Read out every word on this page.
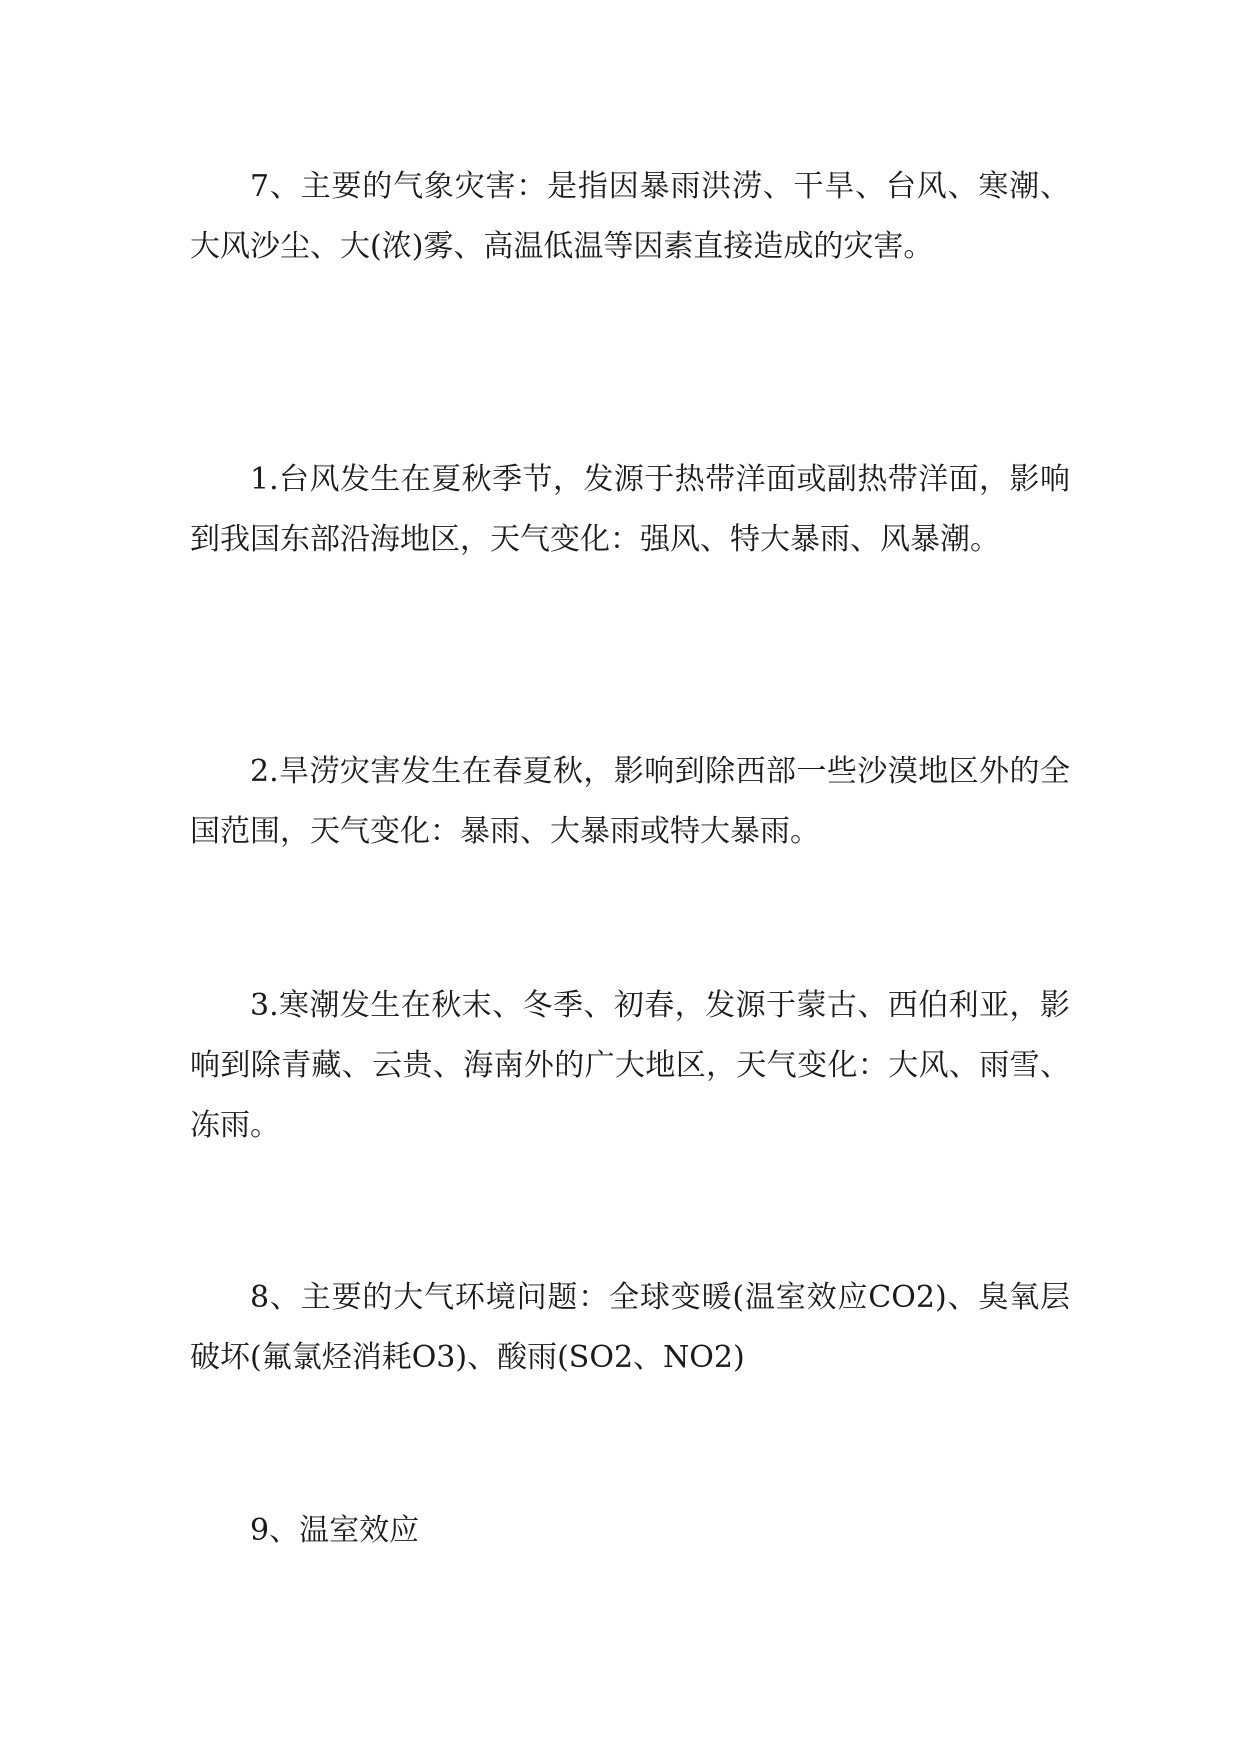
7、主要的气象灾害：是指因暴雨洪涝、干旱、台风、寒潮、大风沙尘、大(浓)雾、高温低温等因素直接造成的灾害。

1.台风发生在夏秋季节，发源于热带洋面或副热带洋面，影响到我国东部沿海地区，天气变化：强风、特大暴雨、风暴潮。

2.旱涝灾害发生在春夏秋，影响到除西部一些沙漠地区外的全国范围，天气变化：暴雨、大暴雨或特大暴雨。

3.寒潮发生在秋末、冬季、初春，发源于蒙古、西伯利亚，影响到除青藏、云贵、海南外的广大地区，天气变化：大风、雨雪、冻雨。

8、主要的大气环境问题：全球变暖(温室效应CO2)、臭氧层破坏(氟氯烃消耗O3)、酸雨(SO2、NO2)

9、温室效应
